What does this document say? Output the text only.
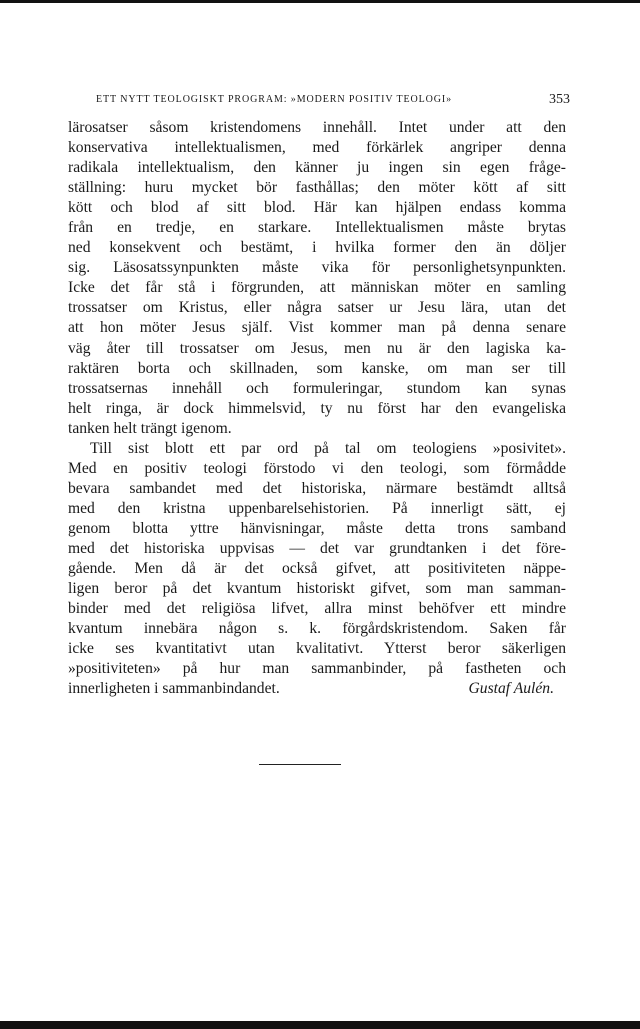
ETT NYTT TEOLOGISKT PROGRAM: »MODERN POSITIV TEOLOGI»	353
lärosatser såsom kristendomens innehåll. Intet under att den
konservativa intellektualismen, med förkärlek angriper denna
radikala intellektualism, den känner ju ingen sin egen fråge-
ställning: huru mycket bör fasthållas; den möter kött af sitt
kött och blod af sitt blod. Här kan hjälpen endass komma
från en tredje, en starkare. Intellektualismen måste brytas
ned konsekvent och bestämt, i hvilka former den än döljer
sig. Läsosatssynpunkten måste vika för personlighetsynpunkten.
Icke det får stå i förgrunden, att människan möter en samling
trossatser om Kristus, eller några satser ur Jesu lära, utan det
att hon möter Jesus själf. Vist kommer man på denna senare
väg åter till trossatser om Jesus, men nu är den lagiska ka-
raktären borta och skillnaden, som kanske, om man ser till
trossatsernas innehåll och formuleringar, stundom kan synas
helt ringa, är dock himmelsvid, ty nu först har den evangeliska
tanken helt trängt igenom.
Till sist blott ett par ord på tal om teologiens »posivitet».
Med en positiv teologi förstodo vi den teologi, som förmådde
bevara sambandet med det historiska, närmare bestämdt alltså
med den kristna uppenbarelsehistorien. På innerligt sätt, ej
genom blotta yttre hänvisningar, måste detta trons samband
med det historiska uppvisas — det var grundtanken i det före-
gående. Men då är det också gifvet, att positiviteten näppe-
ligen beror på det kvantum historiskt gifvet, som man samman-
binder med det religiösa lifvet, allra minst behöfver ett mindre
kvantum innebära någon s. k. förgårdskristendom. Saken får
icke ses kvantitativt utan kvalitativt. Ytterst beror säkerligen
»positiviteten» på hur man sammanbinder, på fastheten och
innerligheten i sammanbindandet.	Gustaf Aulén.
